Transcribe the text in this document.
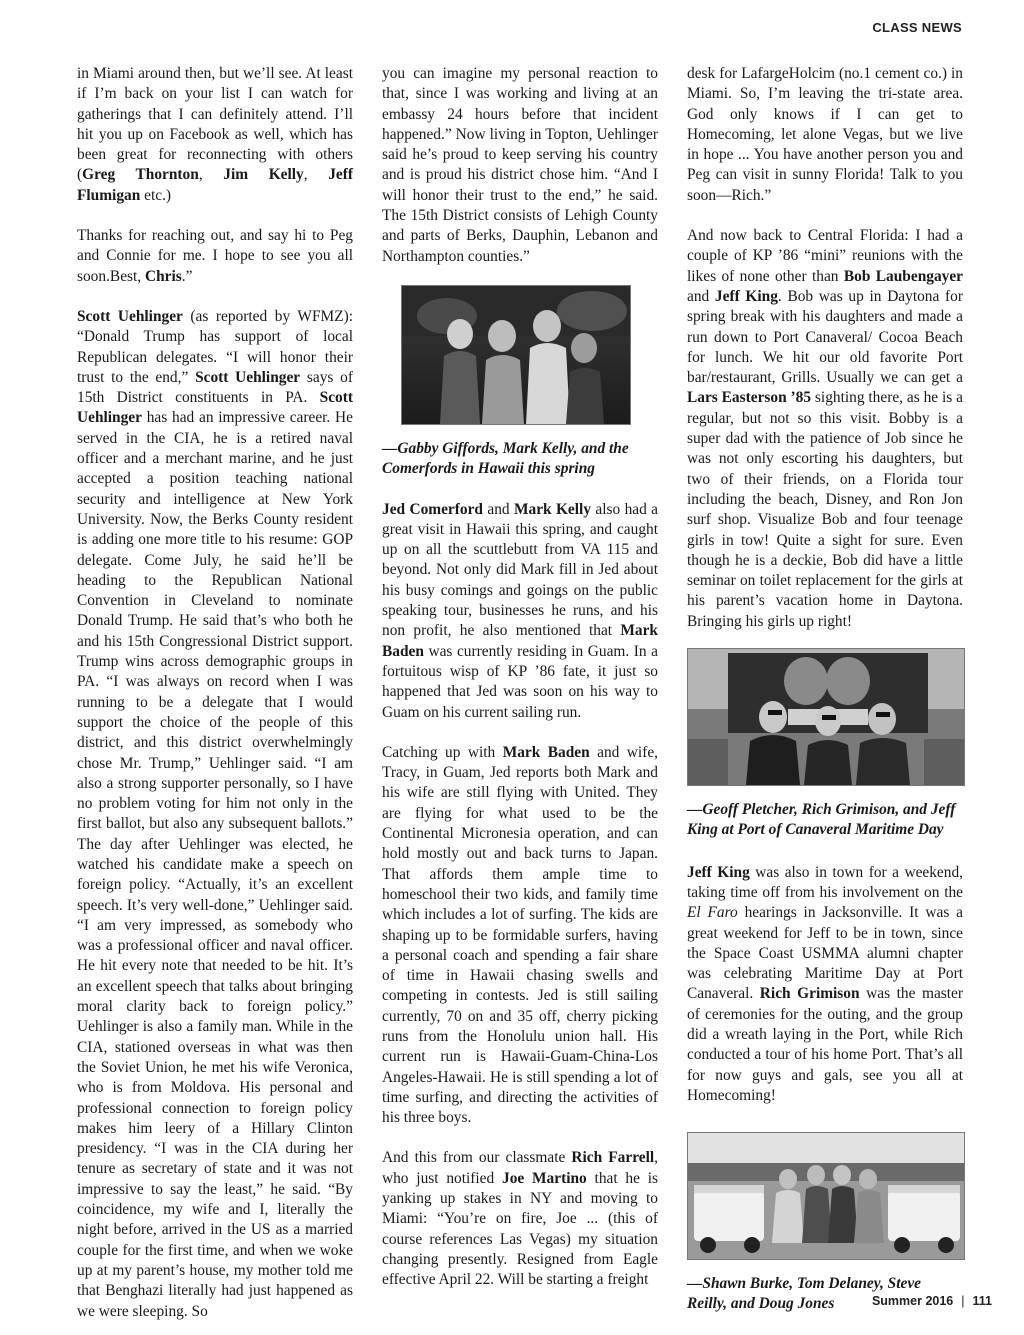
CLASS NEWS

in Miami around then, but we’ll see. At least if I’m back on your list I can watch for gatherings that I can definitely attend. I’ll hit you up on Facebook as well, which has been great for reconnecting with others (Greg Thornton, Jim Kelly, Jeff Flumigan etc.)

Thanks for reaching out, and say hi to Peg and Connie for me. I hope to see you all soon.Best, Chris.”

Scott Uehlinger (as reported by WFMZ): “Donald Trump has support of local Republican delegates. “I will honor their trust to the end,” Scott Uehlinger says of 15th District constituents in PA. Scott Uehlinger has had an impressive career. He served in the CIA, he is a retired naval officer and a merchant marine, and he just accepted a position teaching national security and intelligence at New York University. Now, the Berks County resident is adding one more title to his resume: GOP delegate. Come July, he said he’ll be heading to the Republican National Convention in Cleveland to nominate Donald Trump. He said that’s who both he and his 15th Congressional District support. Trump wins across demographic groups in PA. “I was always on record when I was running to be a delegate that I would support the choice of the people of this district, and this district overwhelmingly chose Mr. Trump,” Uehlinger said. “I am also a strong supporter personally, so I have no problem voting for him not only in the first ballot, but also any subsequent ballots.” The day after Uehlinger was elected, he watched his candidate make a speech on foreign policy. “Actually, it’s an excellent speech. It’s very well-done,” Uehlinger said. “I am very impressed, as somebody who was a professional officer and naval officer. He hit every note that needed to be hit. It’s an excellent speech that talks about bringing moral clarity back to foreign policy.” Uehlinger is also a family man. While in the CIA, stationed overseas in what was then the Soviet Union, he met his wife Veronica, who is from Moldova. His personal and professional connection to foreign policy makes him leery of a Hillary Clinton presidency. “I was in the CIA during her tenure as secretary of state and it was not impressive to say the least,” he said. “By coincidence, my wife and I, literally the night before, arrived in the US as a married couple for the first time, and when we woke up at my parent’s house, my mother told me that Benghazi literally had just happened as we were sleeping. So

you can imagine my personal reaction to that, since I was working and living at an embassy 24 hours before that incident happened.” Now living in Topton, Uehlinger said he’s proud to keep serving his country and is proud his district chose him. “And I will honor their trust to the end,” he said. The 15th District consists of Lehigh County and parts of Berks, Dauphin, Lebanon and Northampton counties.”

—Gabby Giffords, Mark Kelly, and the Comerfords in Hawaii this spring

Jed Comerford and Mark Kelly also had a great visit in Hawaii this spring, and caught up on all the scuttlebutt from VA 115 and beyond. Not only did Mark fill in Jed about his busy comings and goings on the public speaking tour, businesses he runs, and his non profit, he also mentioned that Mark Baden was currently residing in Guam. In a fortuitous wisp of KP ’86 fate, it just so happened that Jed was soon on his way to Guam on his current sailing run.

Catching up with Mark Baden and wife, Tracy, in Guam, Jed reports both Mark and his wife are still flying with United. They are flying for what used to be the Continental Micronesia operation, and can hold mostly out and back turns to Japan. That affords them ample time to homeschool their two kids, and family time which includes a lot of surfing. The kids are shaping up to be formidable surfers, having a personal coach and spending a fair share of time in Hawaii chasing swells and competing in contests. Jed is still sailing currently, 70 on and 35 off, cherry picking runs from the Honolulu union hall. His current run is Hawaii-Guam-China-Los Angeles-Hawaii. He is still spending a lot of time surfing, and directing the activities of his three boys.

And this from our classmate Rich Farrell, who just notified Joe Martino that he is yanking up stakes in NY and moving to Miami: “You’re on fire, Joe ... (this of course references Las Vegas) my situation changing presently. Resigned from Eagle effective April 22. Will be starting a freight

desk for LafargeHolcim (no.1 cement co.) in Miami. So, I’m leaving the tri-state area. God only knows if I can get to Homecoming, let alone Vegas, but we live in hope ... You have another person you and Peg can visit in sunny Florida! Talk to you soon—Rich.”

And now back to Central Florida: I had a couple of KP ’86 “mini” reunions with the likes of none other than Bob Laubengayer and Jeff King. Bob was up in Daytona for spring break with his daughters and made a run down to Port Canaveral/ Cocoa Beach for lunch. We hit our old favorite Port bar/restaurant, Grills. Usually we can get a Lars Easterson ’85 sighting there, as he is a regular, but not so this visit. Bobby is a super dad with the patience of Job since he was not only escorting his daughters, but two of their friends, on a Florida tour including the beach, Disney, and Ron Jon surf shop. Visualize Bob and four teenage girls in tow! Quite a sight for sure. Even though he is a deckie, Bob did have a little seminar on toilet replacement for the girls at his parent’s vacation home in Daytona. Bringing his girls up right!

—Geoff Pletcher, Rich Grimison, and Jeff King at Port of Canaveral Maritime Day

Jeff King was also in town for a weekend, taking time off from his involvement on the El Faro hearings in Jacksonville. It was a great weekend for Jeff to be in town, since the Space Coast USMMA alumni chapter was celebrating Maritime Day at Port Canaveral. Rich Grimison was the master of ceremonies for the outing, and the group did a wreath laying in the Port, while Rich conducted a tour of his home Port. That’s all for now guys and gals, see you all at Homecoming!

—Shawn Burke, Tom Delaney, Steve Reilly, and Doug Jones	Summer 2016 | 111
